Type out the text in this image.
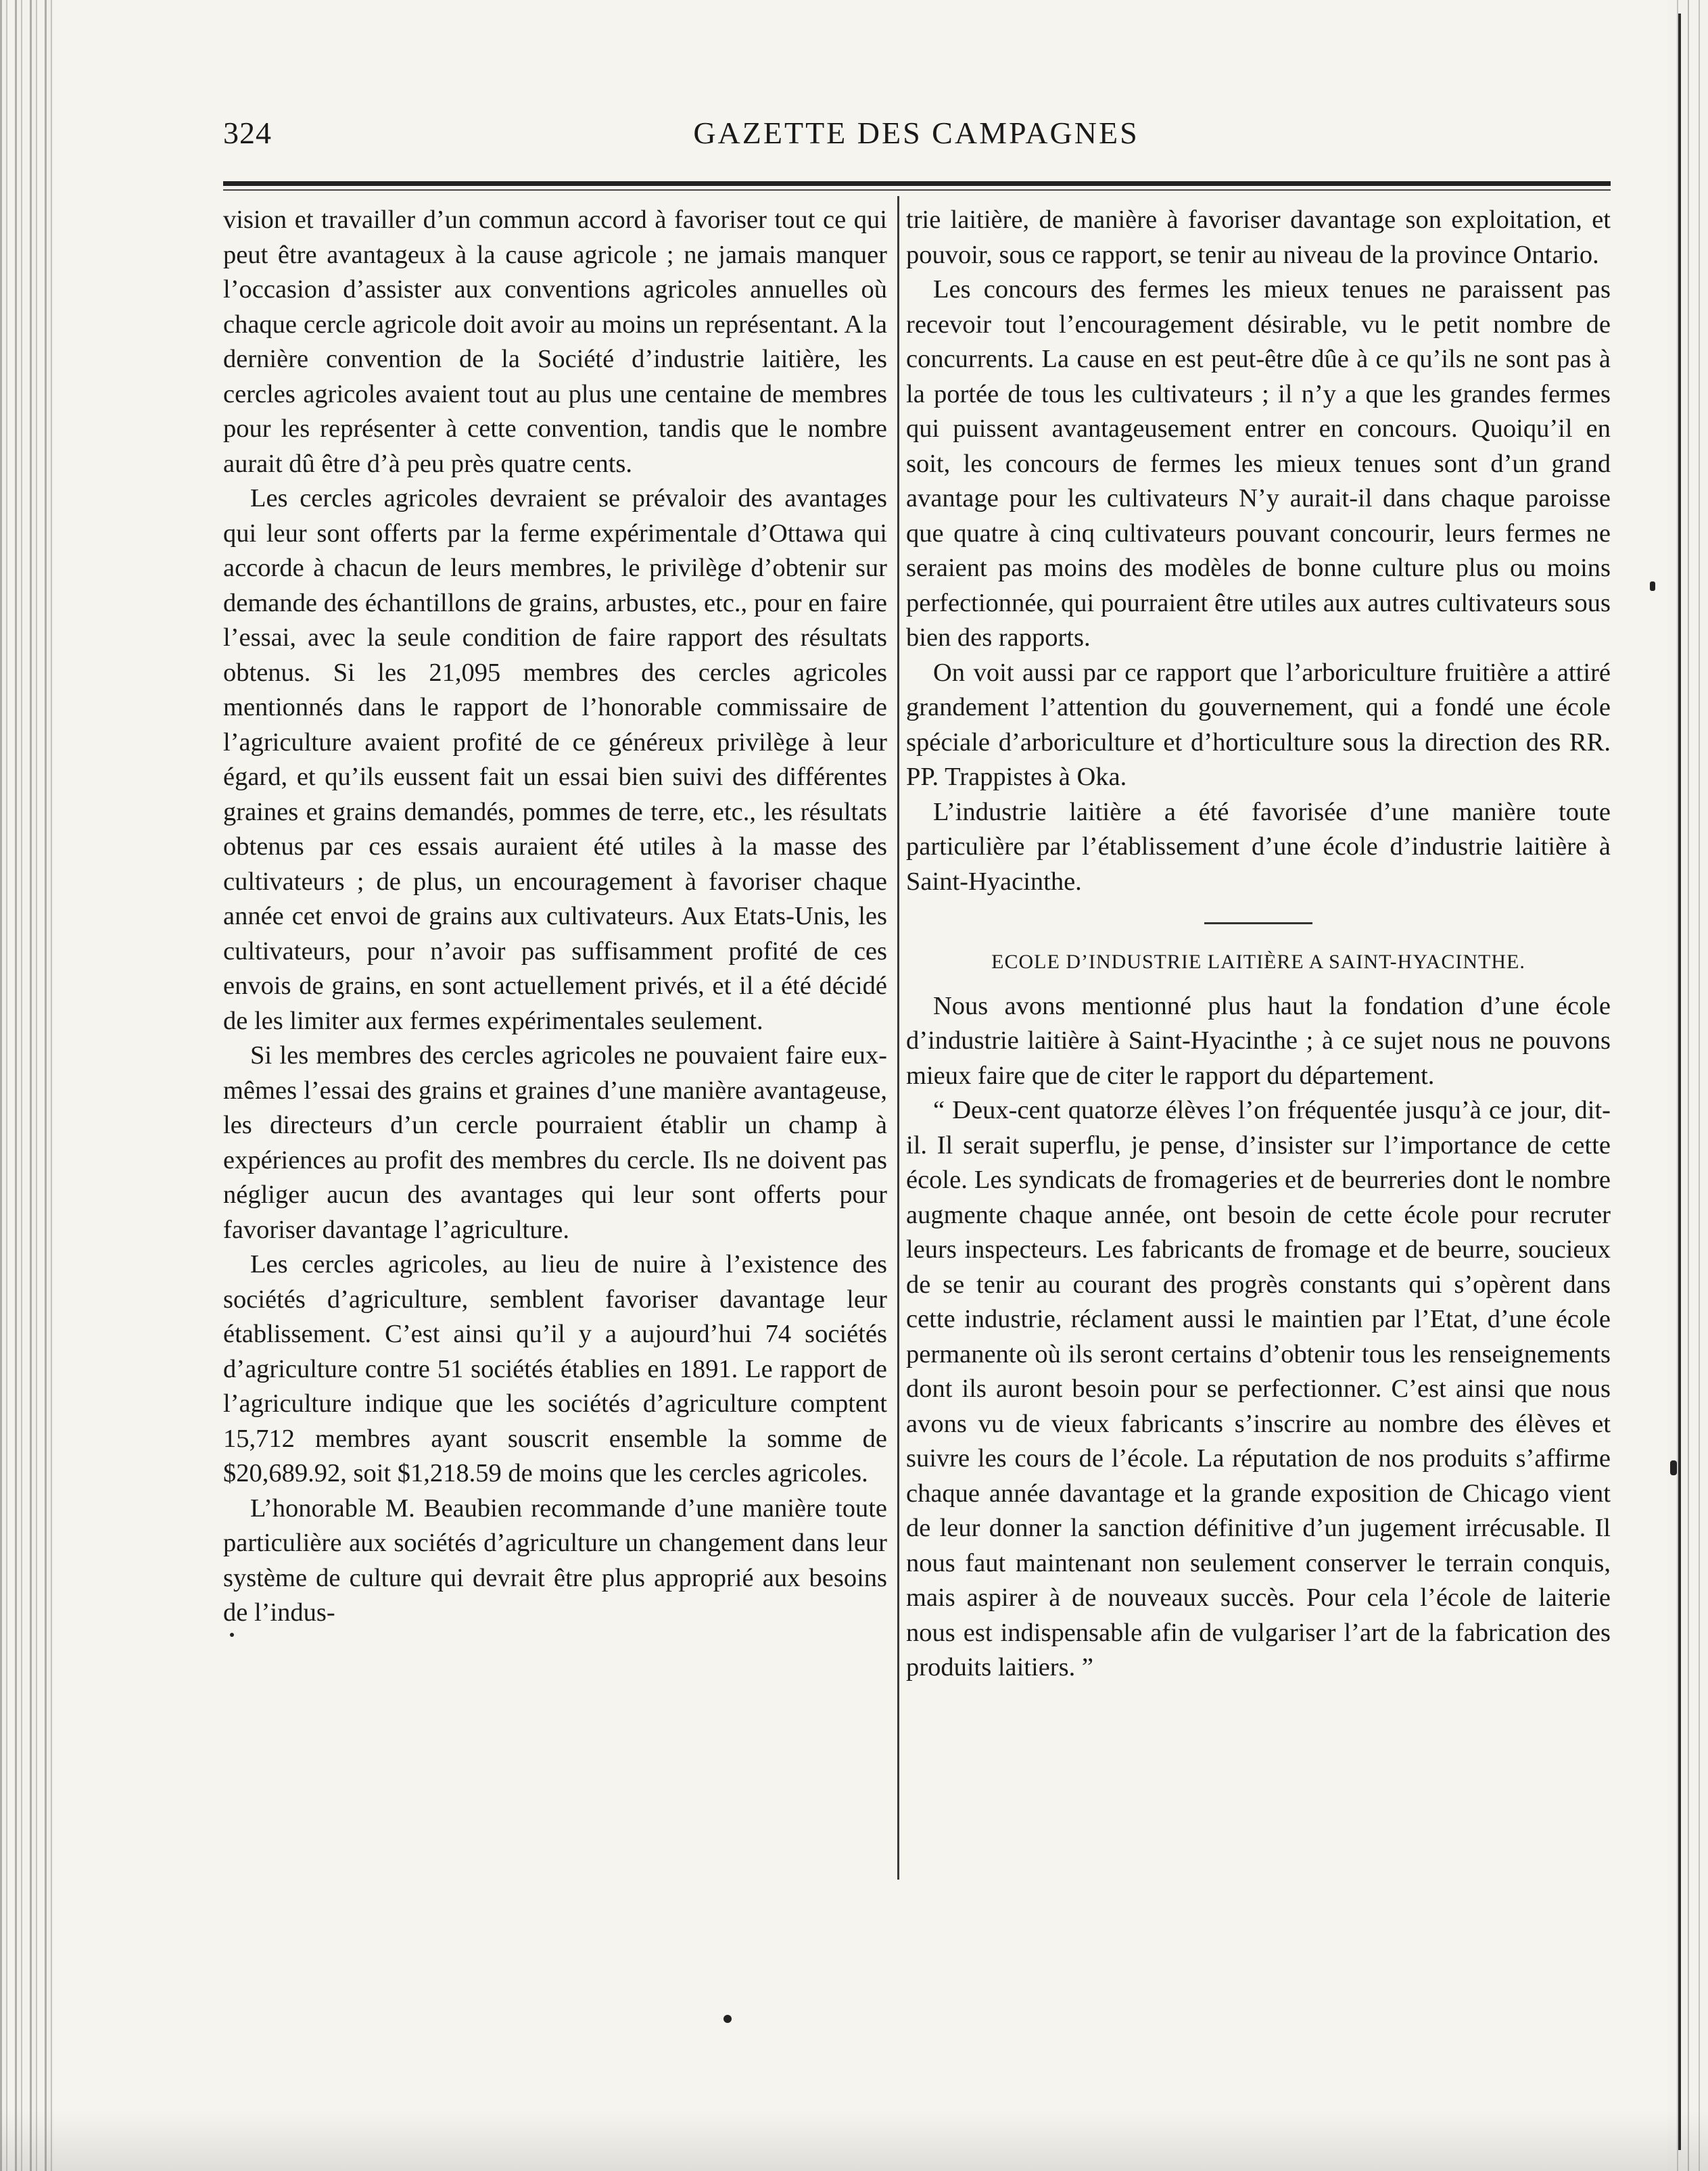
324	GAZETTE DES CAMPAGNES

vision et travailler d’un commun accord à favoriser tout ce qui peut être avantageux à la cause agricole ; ne jamais manquer l’occasion d’assister aux conventions agricoles annuelles où chaque cercle agricole doit avoir au moins un représentant. A la dernière convention de la Société d’industrie laitière, les cercles agricoles avaient tout au plus une centaine de membres pour les représenter à cette convention, tandis que le nombre aurait dû être d’à peu près quatre cents.

Les cercles agricoles devraient se prévaloir des avantages qui leur sont offerts par la ferme expérimentale d’Ottawa qui accorde à chacun de leurs membres, le privilège d’obtenir sur demande des échantillons de grains, arbustes, etc., pour en faire l’essai, avec la seule condition de faire rapport des résultats obtenus. Si les 21,095 membres des cercles agricoles mentionnés dans le rapport de l’honorable commissaire de l’agriculture avaient profité de ce généreux privilège à leur égard, et qu’ils eussent fait un essai bien suivi des différentes graines et grains demandés, pommes de terre, etc., les résultats obtenus par ces essais auraient été utiles à la masse des cultivateurs ; de plus, un encouragement à favoriser chaque année cet envoi de grains aux cultivateurs. Aux Etats-Unis, les cultivateurs, pour n’avoir pas suffisamment profité de ces envois de grains, en sont actuellement privés, et il a été décidé de les limiter aux fermes expérimentales seulement.

Si les membres des cercles agricoles ne pouvaient faire eux-mêmes l’essai des grains et graines d’une manière avantageuse, les directeurs d’un cercle pourraient établir un champ à expériences au profit des membres du cercle. Ils ne doivent pas négliger aucun des avantages qui leur sont offerts pour favoriser davantage l’agriculture.

Les cercles agricoles, au lieu de nuire à l’existence des sociétés d’agriculture, semblent favoriser davantage leur établissement. C’est ainsi qu’il y a aujourd’hui 74 sociétés d’agriculture contre 51 sociétés établies en 1891. Le rapport de l’agriculture indique que les sociétés d’agriculture comptent 15,712 membres ayant souscrit ensemble la somme de $20,689.92, soit $1,218.59 de moins que les cercles agricoles.

L’honorable M. Beaubien recommande d’une manière toute particulière aux sociétés d’agriculture un changement dans leur système de culture qui devrait être plus approprié aux besoins de l’indus-

trie laitière, de manière à favoriser davantage son exploitation, et pouvoir, sous ce rapport, se tenir au niveau de la province Ontario.

Les concours des fermes les mieux tenues ne paraissent pas recevoir tout l’encouragement désirable, vu le petit nombre de concurrents. La cause en est peut-être dûe à ce qu’ils ne sont pas à la portée de tous les cultivateurs ; il n’y a que les grandes fermes qui puissent avantageusement entrer en concours. Quoiqu’il en soit, les concours de fermes les mieux tenues sont d’un grand avantage pour les cultivateurs N’y aurait-il dans chaque paroisse que quatre à cinq cultivateurs pouvant concourir, leurs fermes ne seraient pas moins des modèles de bonne culture plus ou moins perfectionnée, qui pourraient être utiles aux autres cultivateurs sous bien des rapports.

On voit aussi par ce rapport que l’arboriculture fruitière a attiré grandement l’attention du gouvernement, qui a fondé une école spéciale d’arboriculture et d’horticulture sous la direction des RR. PP. Trappistes à Oka.

L’industrie laitière a été favorisée d’une manière toute particulière par l’établissement d’une école d’industrie laitière à Saint-Hyacinthe.

ECOLE D’INDUSTRIE LAITIÈRE A SAINT-HYACINTHE.

Nous avons mentionné plus haut la fondation d’une école d’industrie laitière à Saint-Hyacinthe ; à ce sujet nous ne pouvons mieux faire que de citer le rapport du département.

“ Deux-cent quatorze élèves l’on fréquentée jusqu’à ce jour, dit-il. Il serait superflu, je pense, d’insister sur l’importance de cette école. Les syndicats de fromageries et de beurreries dont le nombre augmente chaque année, ont besoin de cette école pour recruter leurs inspecteurs. Les fabricants de fromage et de beurre, soucieux de se tenir au courant des progrès constants qui s’opèrent dans cette industrie, réclament aussi le maintien par l’Etat, d’une école permanente où ils seront certains d’obtenir tous les renseignements dont ils auront besoin pour se perfectionner. C’est ainsi que nous avons vu de vieux fabricants s’inscrire au nombre des élèves et suivre les cours de l’école. La réputation de nos produits s’affirme chaque année davantage et la grande exposition de Chicago vient de leur donner la sanction définitive d’un jugement irrécusable. Il nous faut maintenant non seulement conserver le terrain conquis, mais aspirer à de nouveaux succès. Pour cela l’école de laiterie nous est indispensable afin de vulgariser l’art de la fabrication des produits laitiers. ”
